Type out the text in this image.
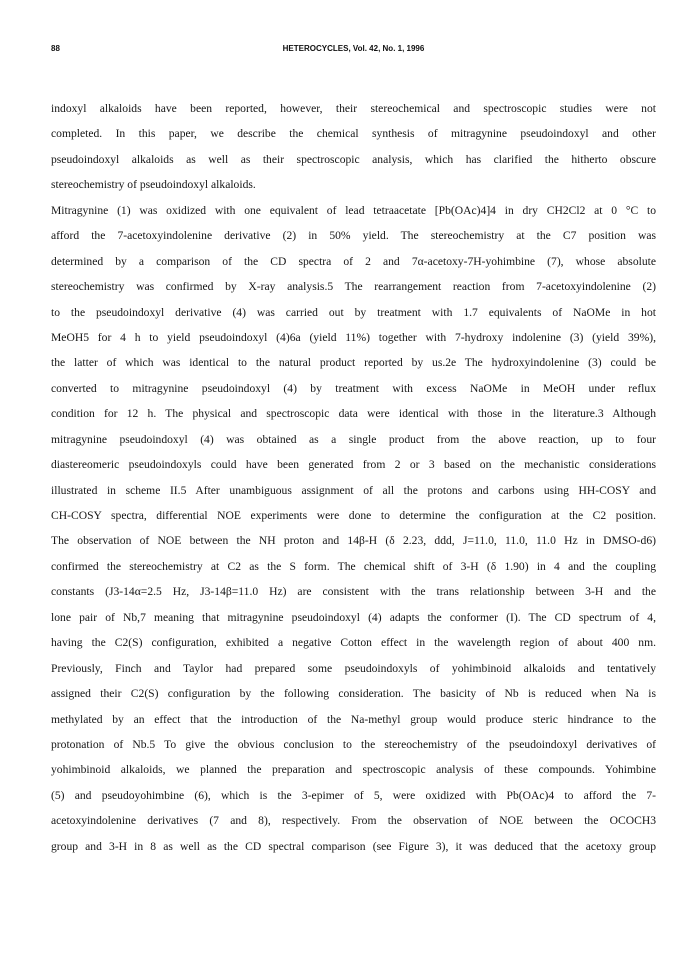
88	HETEROCYCLES, Vol. 42, No. 1, 1996
indoxyl alkaloids have been reported, however, their stereochemical and spectroscopic studies were not
completed. In this paper, we describe the chemical synthesis of mitragynine pseudoindoxyl and other
pseudoindoxyl alkaloids as well as their spectroscopic analysis, which has clarified the hitherto obscure
stereochemistry of pseudoindoxyl alkaloids.
Mitragynine (1) was oxidized with one equivalent of lead tetraacetate [Pb(OAc)4]4 in dry CH2Cl2 at 0 °C to
afford the 7-acetoxyindolenine derivative (2) in 50% yield. The stereochemistry at the C7 position was
determined by a comparison of the CD spectra of 2 and 7α-acetoxy-7H-yohimbine (7), whose absolute
stereochemistry was confirmed by X-ray analysis.5 The rearrangement reaction from 7-acetoxyindolenine (2)
to the pseudoindoxyl derivative (4) was carried out by treatment with 1.7 equivalents of NaOMe in hot
MeOH5 for 4 h to yield pseudoindoxyl (4)6a (yield 11%) together with 7-hydroxy indolenine (3) (yield 39%),
the latter of which was identical to the natural product reported by us.2e The hydroxyindolenine (3) could be
converted to mitragynine pseudoindoxyl (4) by treatment with excess NaOMe in MeOH under reflux
condition for 12 h. The physical and spectroscopic data were identical with those in the literature.3 Although
mitragynine pseudoindoxyl (4) was obtained as a single product from the above reaction, up to four
diastereomeric pseudoindoxyls could have been generated from 2 or 3 based on the mechanistic considerations
illustrated in scheme II.5 After unambiguous assignment of all the protons and carbons using HH-COSY and
CH-COSY spectra, differential NOE experiments were done to determine the configuration at the C2 position.
The observation of NOE between the NH proton and 14β-H (δ 2.23, ddd, J=11.0, 11.0, 11.0 Hz in DMSO-d6)
confirmed the stereochemistry at C2 as the S form. The chemical shift of 3-H (δ 1.90) in 4 and the coupling
constants (J3-14α=2.5 Hz, J3-14β=11.0 Hz) are consistent with the trans relationship between 3-H and the
lone pair of Nb,7 meaning that mitragynine pseudoindoxyl (4) adapts the conformer (I). The CD spectrum of 4,
having the C2(S) configuration, exhibited a negative Cotton effect in the wavelength region of about 400 nm.
Previously, Finch and Taylor had prepared some pseudoindoxyls of yohimbinoid alkaloids and tentatively
assigned their C2(S) configuration by the following consideration. The basicity of Nb is reduced when Na is
methylated by an effect that the introduction of the Na-methyl group would produce steric hindrance to the
protonation of Nb.5 To give the obvious conclusion to the stereochemistry of the pseudoindoxyl derivatives of
yohimbinoid alkaloids, we planned the preparation and spectroscopic analysis of these compounds. Yohimbine
(5) and pseudoyohimbine (6), which is the 3-epimer of 5, were oxidized with Pb(OAc)4 to afford the 7-
acetoxyindolenine derivatives (7 and 8), respectively. From the observation of NOE between the OCOCH3
group and 3-H in 8 as well as the CD spectral comparison (see Figure 3), it was deduced that the acetoxy group
